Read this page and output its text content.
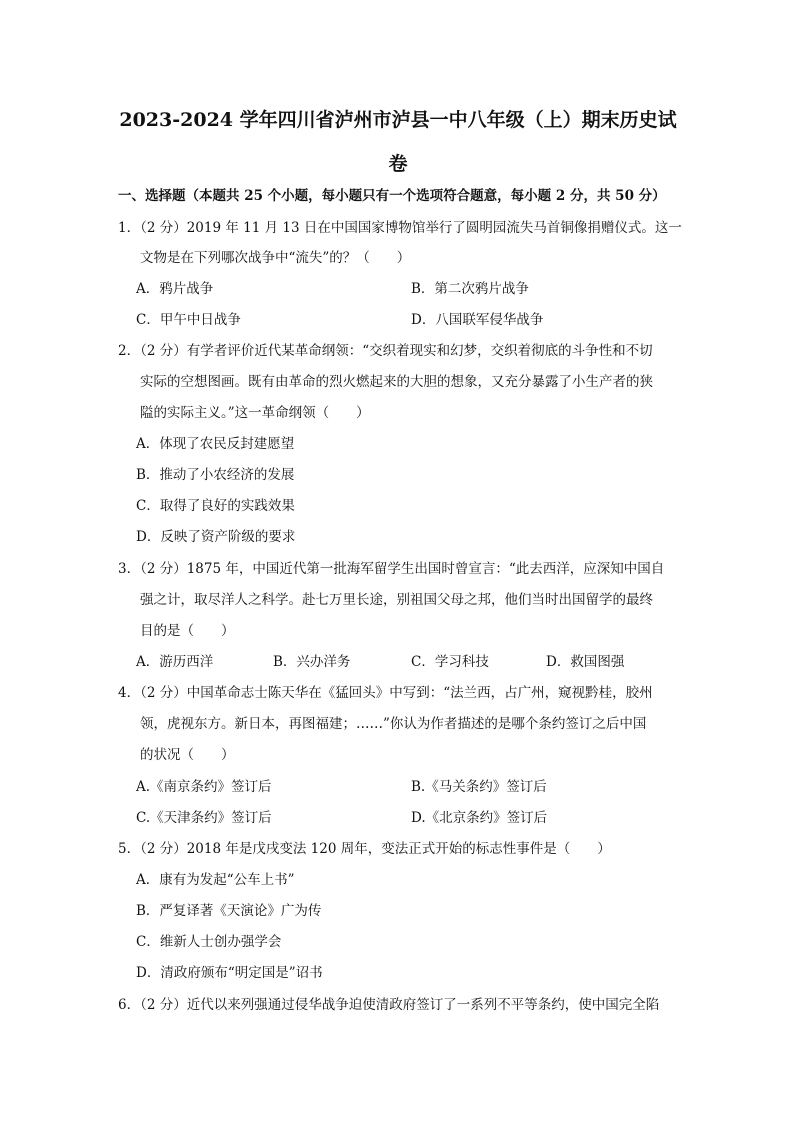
2023-2024 学年四川省泸州市泸县一中八年级（上）期末历史试
卷
一、选择题（本题共 25 个小题，每小题只有一个选项符合题意，每小题 2 分，共 50 分）
1．（2 分）2019 年 11 月 13 日在中国国家博物馆举行了圆明园流失马首铜像捐赠仪式。这一
文物是在下列哪次战争中“流失”的？（　　）
A．鸦片战争	B．第二次鸦片战争
C．甲午中日战争	D．八国联军侵华战争
2．（2 分）有学者评价近代某革命纲领：“交织着现实和幻梦，交织着彻底的斗争性和不切
实际的空想图画。既有由革命的烈火燃起来的大胆的想象，又充分暴露了小生产者的狭
隘的实际主义。”这一革命纲领（　　）
A．体现了农民反封建愿望
B．推动了小农经济的发展
C．取得了良好的实践效果
D．反映了资产阶级的要求
3．（2 分）1875 年，中国近代第一批海军留学生出国时曾宣言：“此去西洋，应深知中国自
强之计，取尽洋人之科学。赴七万里长途，别祖国父母之邦，他们当时出国留学的最终
目的是（　　）
A．游历西洋	B．兴办洋务	C．学习科技	D．救国图强
4．（2 分）中国革命志士陈天华在《猛回头》中写到：“法兰西，占广州，窥视黔桂，胶州
领，虎视东方。新日本，再图福建；……”你认为作者描述的是哪个条约签订之后中国
的状况（　　）
A.《南京条约》签订后	B.《马关条约》签订后
C.《天津条约》签订后	D.《北京条约》签订后
5．（2 分）2018 年是戊戌变法 120 周年，变法正式开始的标志性事件是（　　）
A．康有为发起“公车上书”
B．严复译著《天演论》广为传
C．维新人士创办强学会
D．清政府颁布“明定国是”诏书
6．（2 分）近代以来列强通过侵华战争迫使清政府签订了一系列不平等条约，使中国完全陷
